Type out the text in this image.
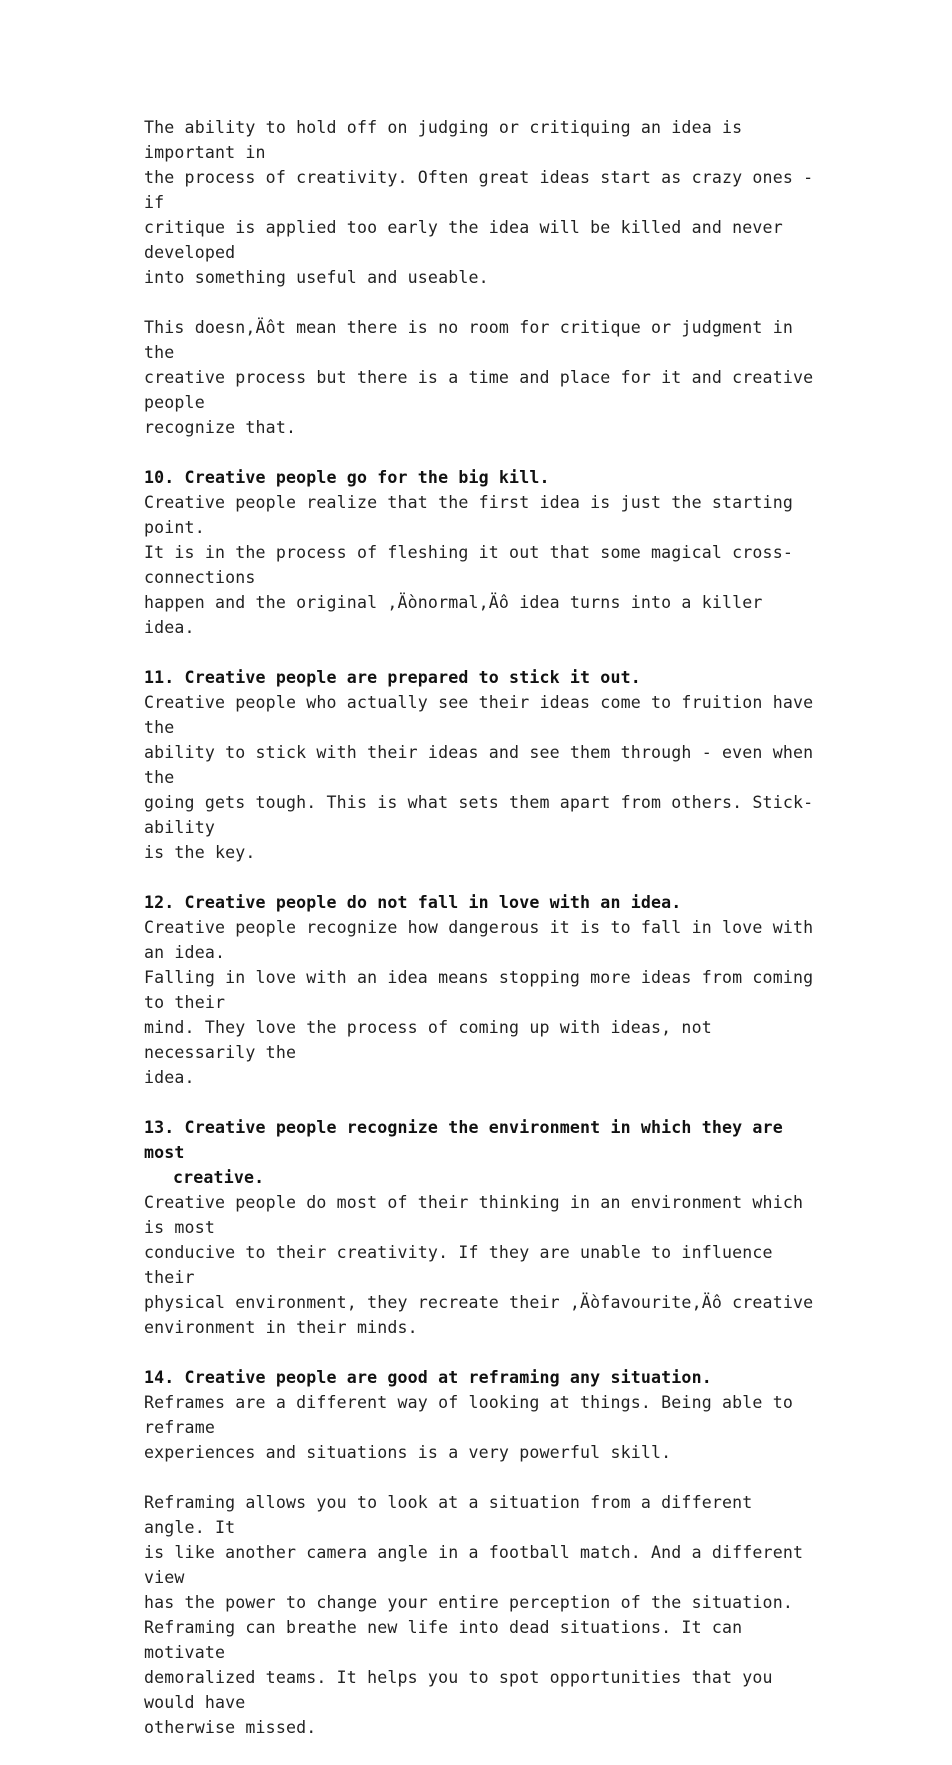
The ability to hold off on judging or critiquing an idea is important in
the process of creativity. Often great ideas start as crazy ones - if
critique is applied too early the idea will be killed and never developed
into something useful and useable.

This doesn‚Äôt mean there is no room for critique or judgment in the
creative process but there is a time and place for it and creative people
recognize that.

10. Creative people go for the big kill.

Creative people realize that the first idea is just the starting point.
It is in the process of fleshing it out that some magical cross-connections
happen and the original ‚Äònormal‚Äô idea turns into a killer idea.

11. Creative people are prepared to stick it out.

Creative people who actually see their ideas come to fruition have the
ability to stick with their ideas and see them through - even when the
going gets tough. This is what sets them apart from others. Stick-ability
is the key.

12. Creative people do not fall in love with an idea.

Creative people recognize how dangerous it is to fall in love with an idea.
Falling in love with an idea means stopping more ideas from coming to their
mind. They love the process of coming up with ideas, not necessarily the
idea.

13. Creative people recognize the environment in which they are most
creative.

Creative people do most of their thinking in an environment which is most
conducive to their creativity. If they are unable to influence their
physical environment, they recreate their ‚Äòfavourite‚Äô creative
environment in their minds.

14. Creative people are good at reframing any situation.

Reframes are a different way of looking at things. Being able to reframe
experiences and situations is a very powerful skill.

Reframing allows you to look at a situation from a different angle. It
is like another camera angle in a football match. And a different view
has the power to change your entire perception of the situation.
Reframing can breathe new life into dead situations. It can motivate
demoralized teams. It helps you to spot opportunities that you would have
otherwise missed.
